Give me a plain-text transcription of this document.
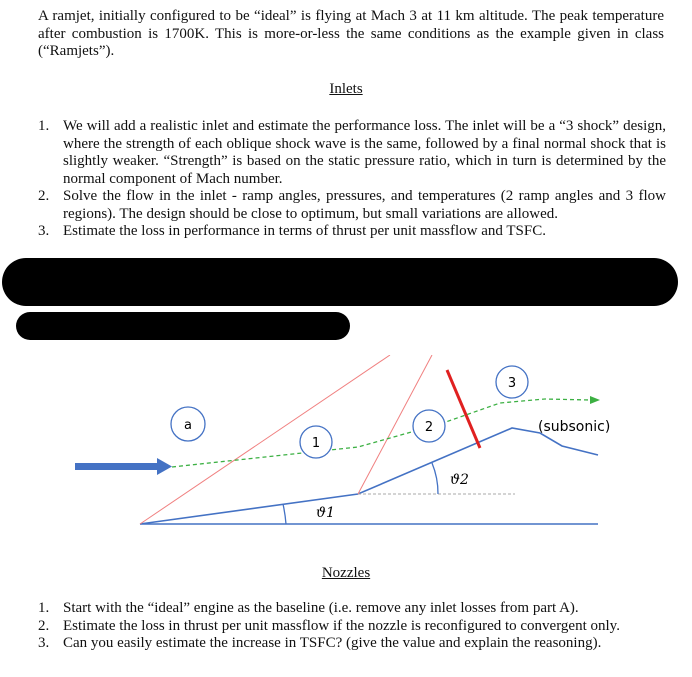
A ramjet, initially configured to be “ideal” is flying at Mach 3 at 11 km altitude. The peak temperature after combustion is 1700K. This is more-or-less the same conditions as the example given in class (“Ramjets”).
Inlets
1. We will add a realistic inlet and estimate the performance loss. The inlet will be a “3 shock” design, where the strength of each oblique shock wave is the same, followed by a final normal shock that is slightly weaker. “Strength” is based on the static pressure ratio, which in turn is determined by the normal component of Mach number.
2. Solve the flow in the inlet - ramp angles, pressures, and temperatures (2 ramp angles and 3 flow regions). The design should be close to optimum, but small variations are allowed.
3. Estimate the loss in performance in terms of thrust per unit massflow and TSFC.
a
1
2
3
(subsonic)
ϑ1
ϑ2
Nozzles
1. Start with the “ideal” engine as the baseline (i.e. remove any inlet losses from part A).
2. Estimate the loss in thrust per unit massflow if the nozzle is reconfigured to convergent only.
3. Can you easily estimate the increase in TSFC? (give the value and explain the reasoning).
